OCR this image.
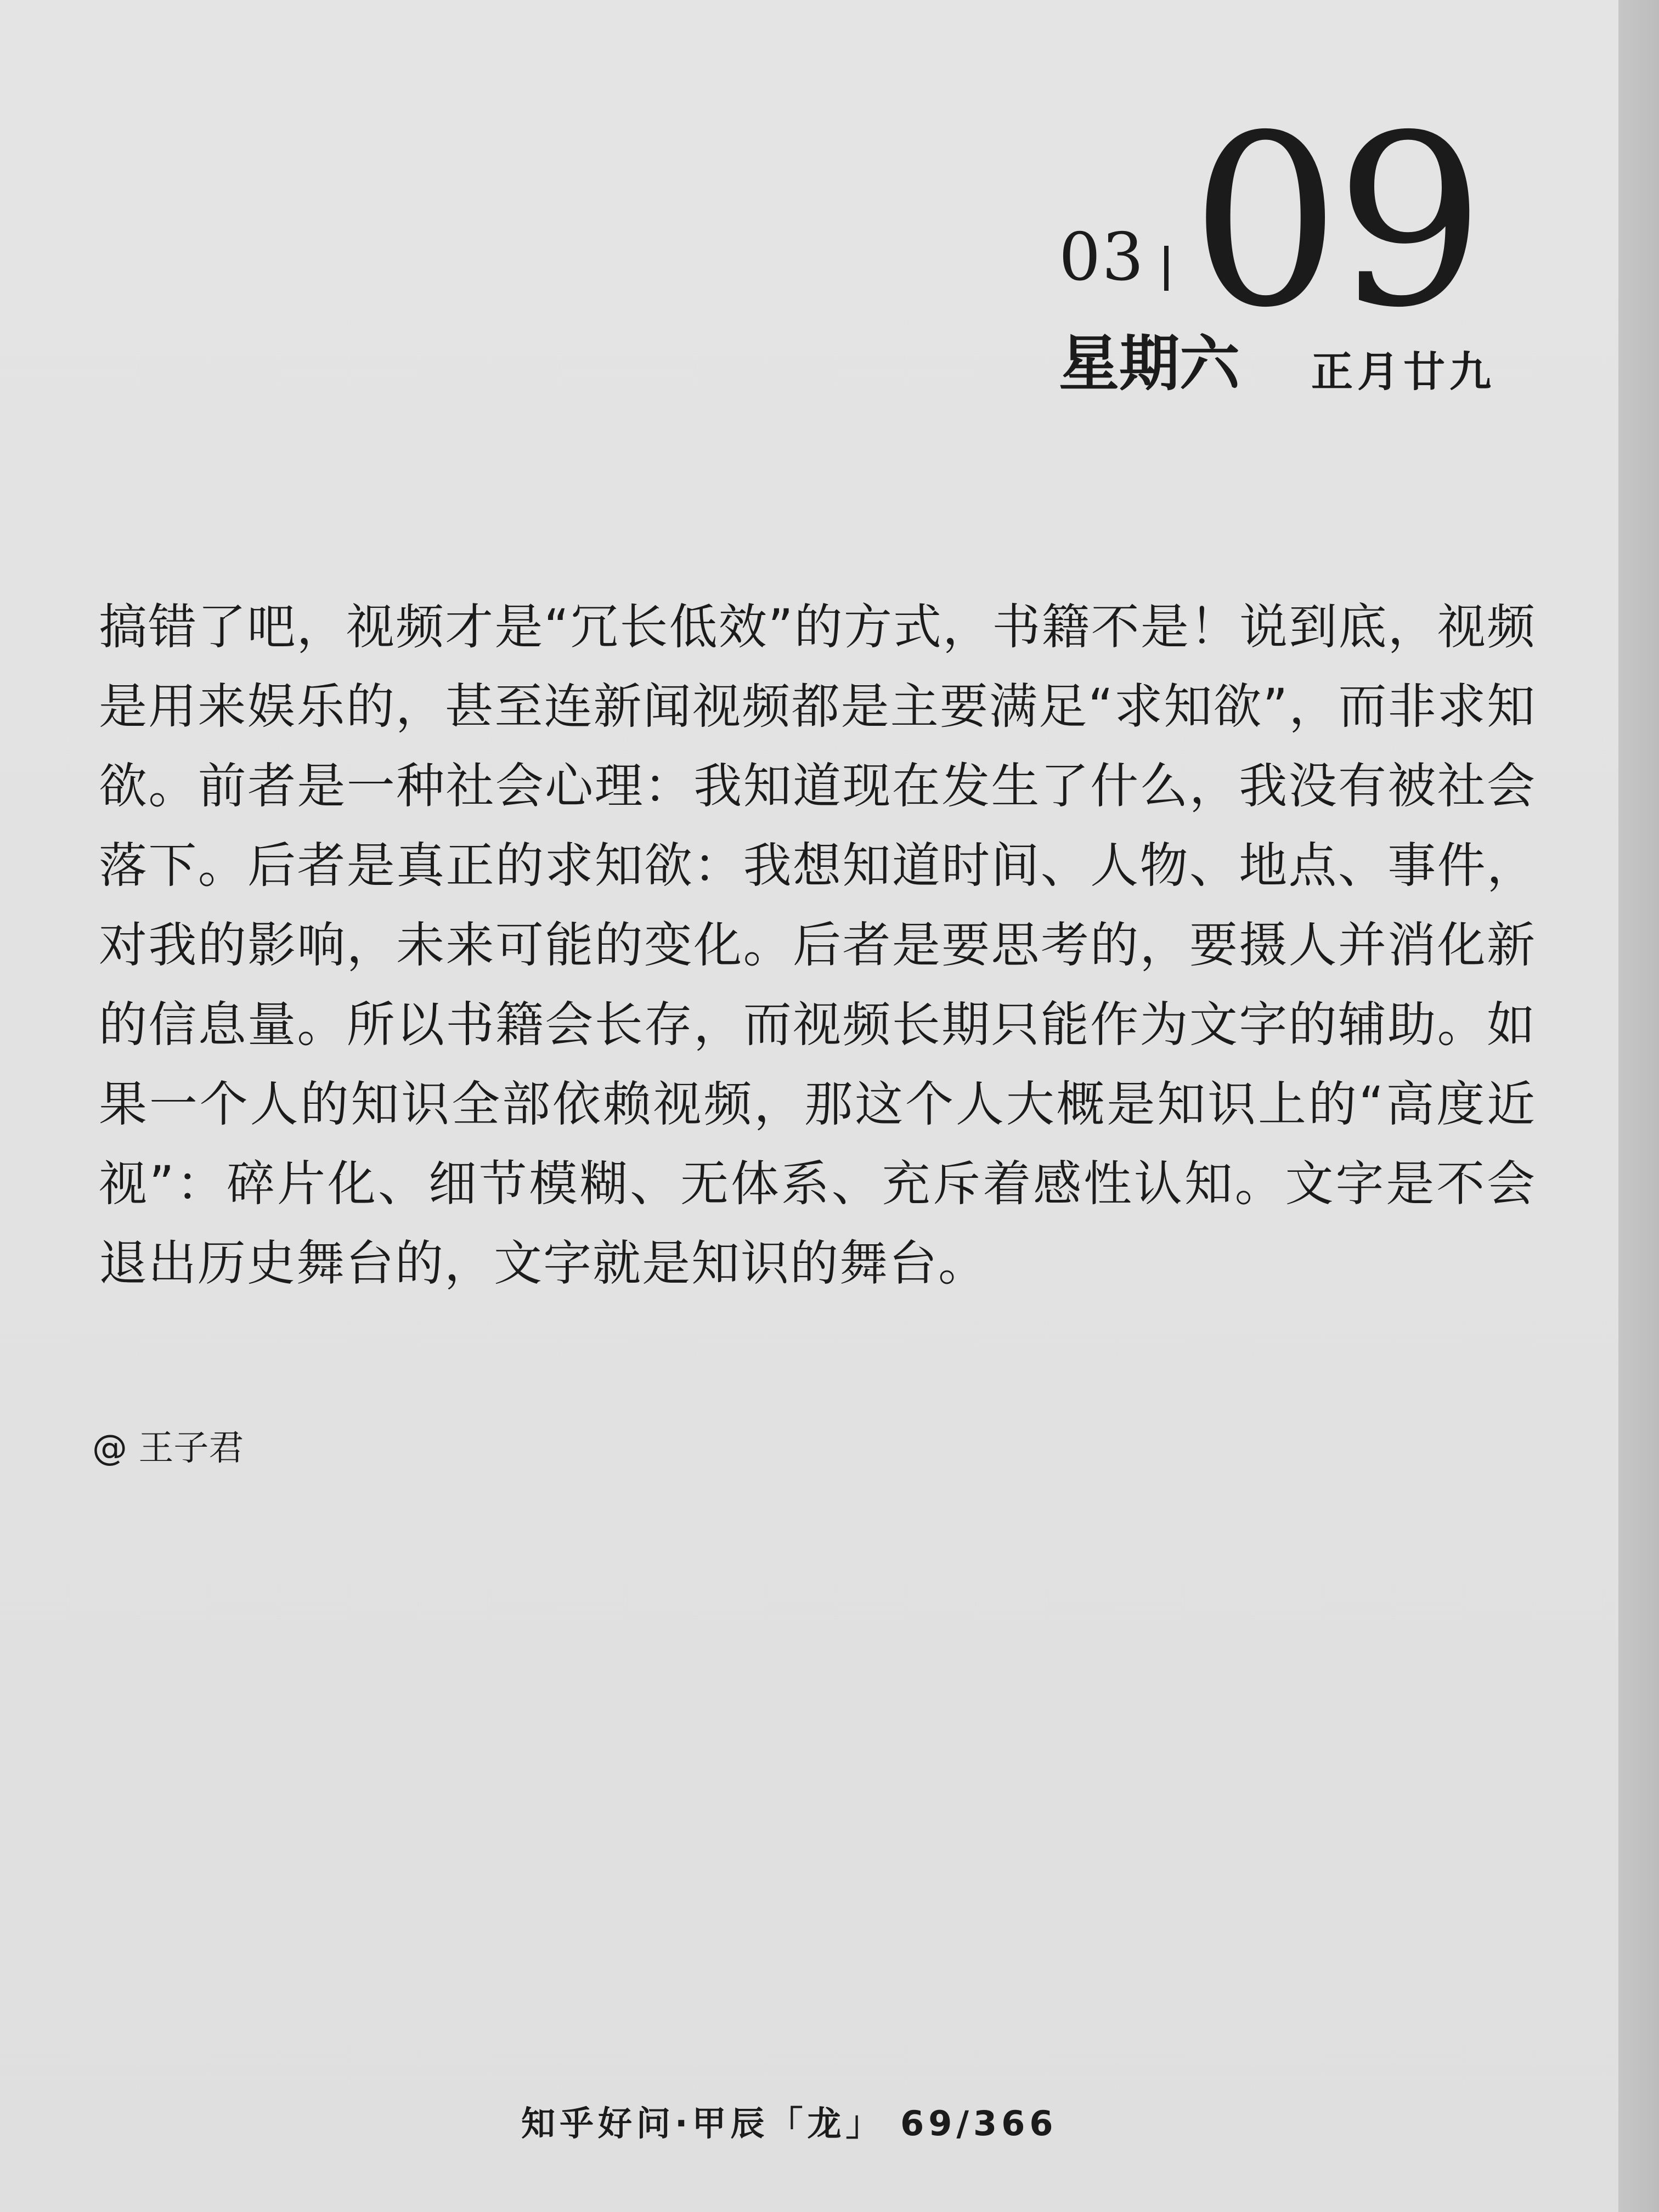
03 09
星期六 正月廿九

搞错了吧，视频才是“冗长低效”的方式，书籍不是！说到底，视频是用来娱乐的，甚至连新闻视频都是主要满足“求知欲”，而非求知欲。前者是一种社会心理：我知道现在发生了什么，我没有被社会落下。后者是真正的求知欲：我想知道时间、人物、地点、事件，对我的影响，未来可能的变化。后者是要思考的，要摄人并消化新的信息量。所以书籍会长存，而视频长期只能作为文字的辅助。如果一个人的知识全部依赖视频，那这个人大概是知识上的“高度近视”：碎片化、细节模糊、无体系、充斥着感性认知。文字是不会退出历史舞台的，文字就是知识的舞台。

@ 王子君
知乎好问·甲辰「龙」 69/366
